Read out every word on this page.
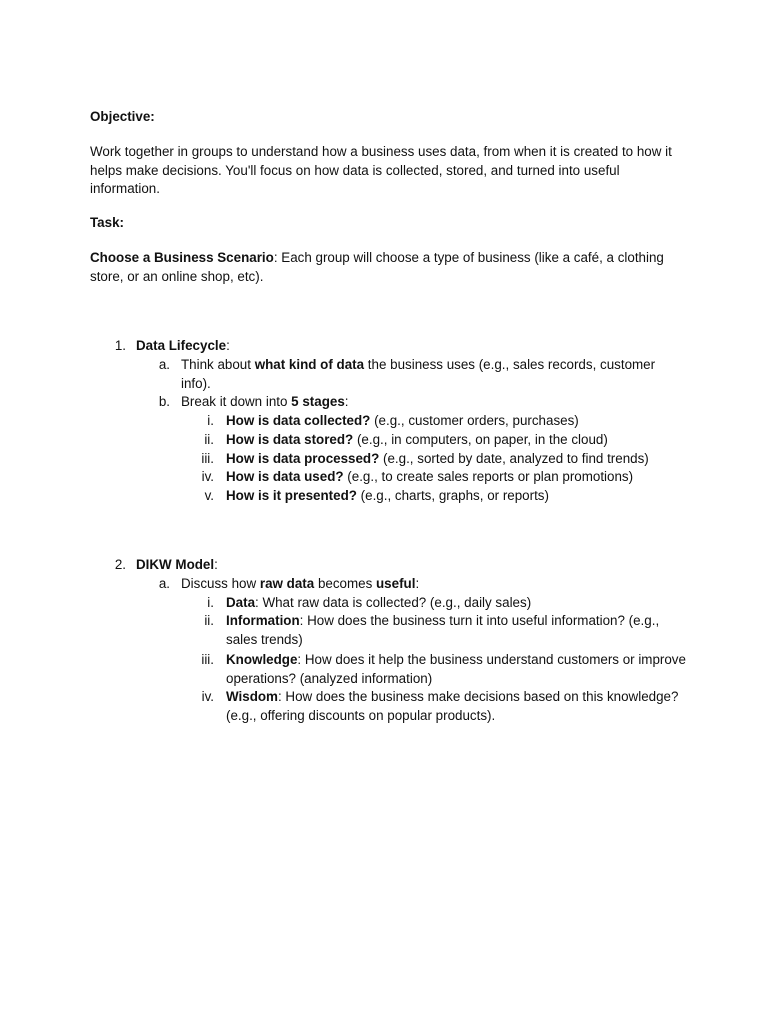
Objective:

Work together in groups to understand how a business uses data, from when it is created to how it helps make decisions. You'll focus on how data is collected, stored, and turned into useful information.

Task:

Choose a Business Scenario: Each group will choose a type of business (like a café, a clothing store, or an online shop, etc).

1. Data Lifecycle:

a. Think about what kind of data the business uses (e.g., sales records, customer info).

b. Break it down into 5 stages:

i. How is data collected? (e.g., customer orders, purchases)

ii. How is data stored? (e.g., in computers, on paper, in the cloud)

iii. How is data processed? (e.g., sorted by date, analyzed to find trends)

iv. How is data used? (e.g., to create sales reports or plan promotions)

v. How is it presented? (e.g., charts, graphs, or reports)

2. DIKW Model:

a. Discuss how raw data becomes useful:

i. Data: What raw data is collected? (e.g., daily sales)

ii. Information: How does the business turn it into useful information? (e.g., sales trends)

iii. Knowledge: How does it help the business understand customers or improve operations? (analyzed information)

iv. Wisdom: How does the business make decisions based on this knowledge? (e.g., offering discounts on popular products).
